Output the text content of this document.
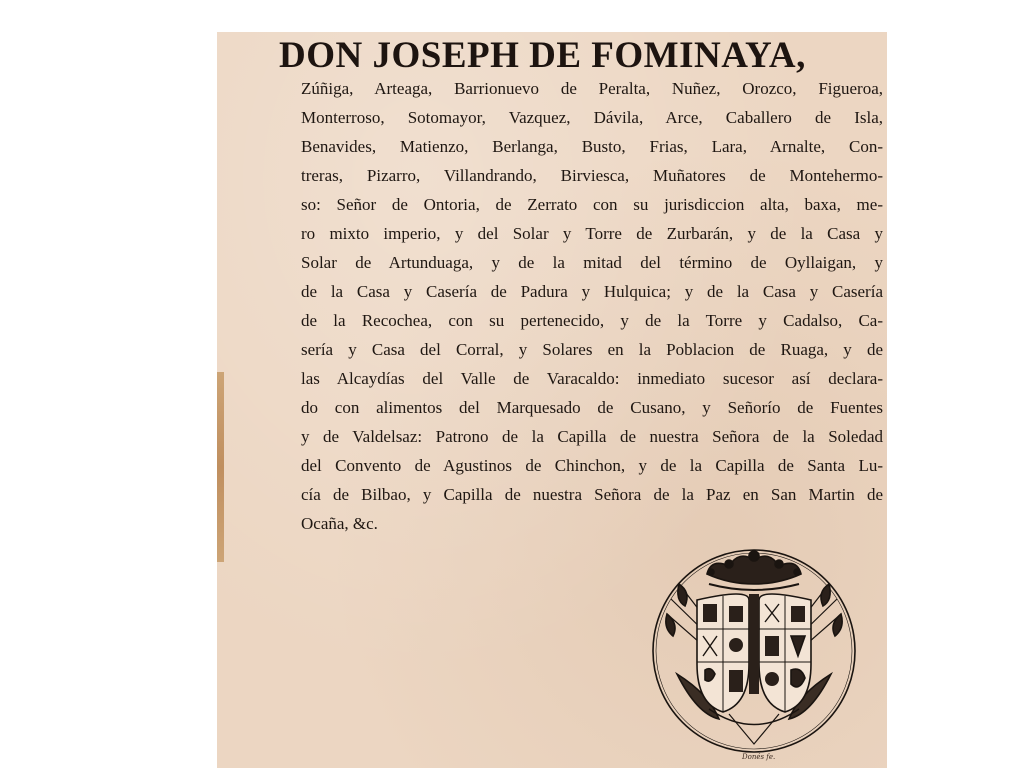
DON JOSEPH DE FOMINAYA,
Zúñiga, Arteaga, Barrionuevo de Peralta, Nuñez, Orozco, Figueroa,
Monterroso, Sotomayor, Vazquez, Dávila, Arce, Caballero de Isla,
Benavides, Matienzo, Berlanga, Busto, Frias, Lara, Arnalte, Con-
treras, Pizarro, Villandrando, Birviesca, Muñatores de Montehermo-
so: Señor de Ontoria, de Zerrato con su jurisdiccion alta, baxa, me-
ro mixto imperio, y del Solar y Torre de Zurbarán, y de la Casa y
Solar de Artunduaga, y de la mitad del término de Oyllaigan, y
de la Casa y Casería de Padura y Hulquica; y de la Casa y Casería
de la Recochea, con su pertenecido, y de la Torre y Cadalso, Ca-
sería y Casa del Corral, y Solares en la Poblacion de Ruaga, y de
las Alcaydías del Valle de Varacaldo: inmediato sucesor así declara-
do con alimentos del Marquesado de Cusano, y Señorío de Fuentes
y de Valdelsaz: Patrono de la Capilla de nuestra Señora de la Soledad
del Convento de Agustinos de Chinchon, y de la Capilla de Santa Lu-
cía de Bilbao, y Capilla de nuestra Señora de la Paz en San Martin de
Ocaña, &c.
Donés fe.
